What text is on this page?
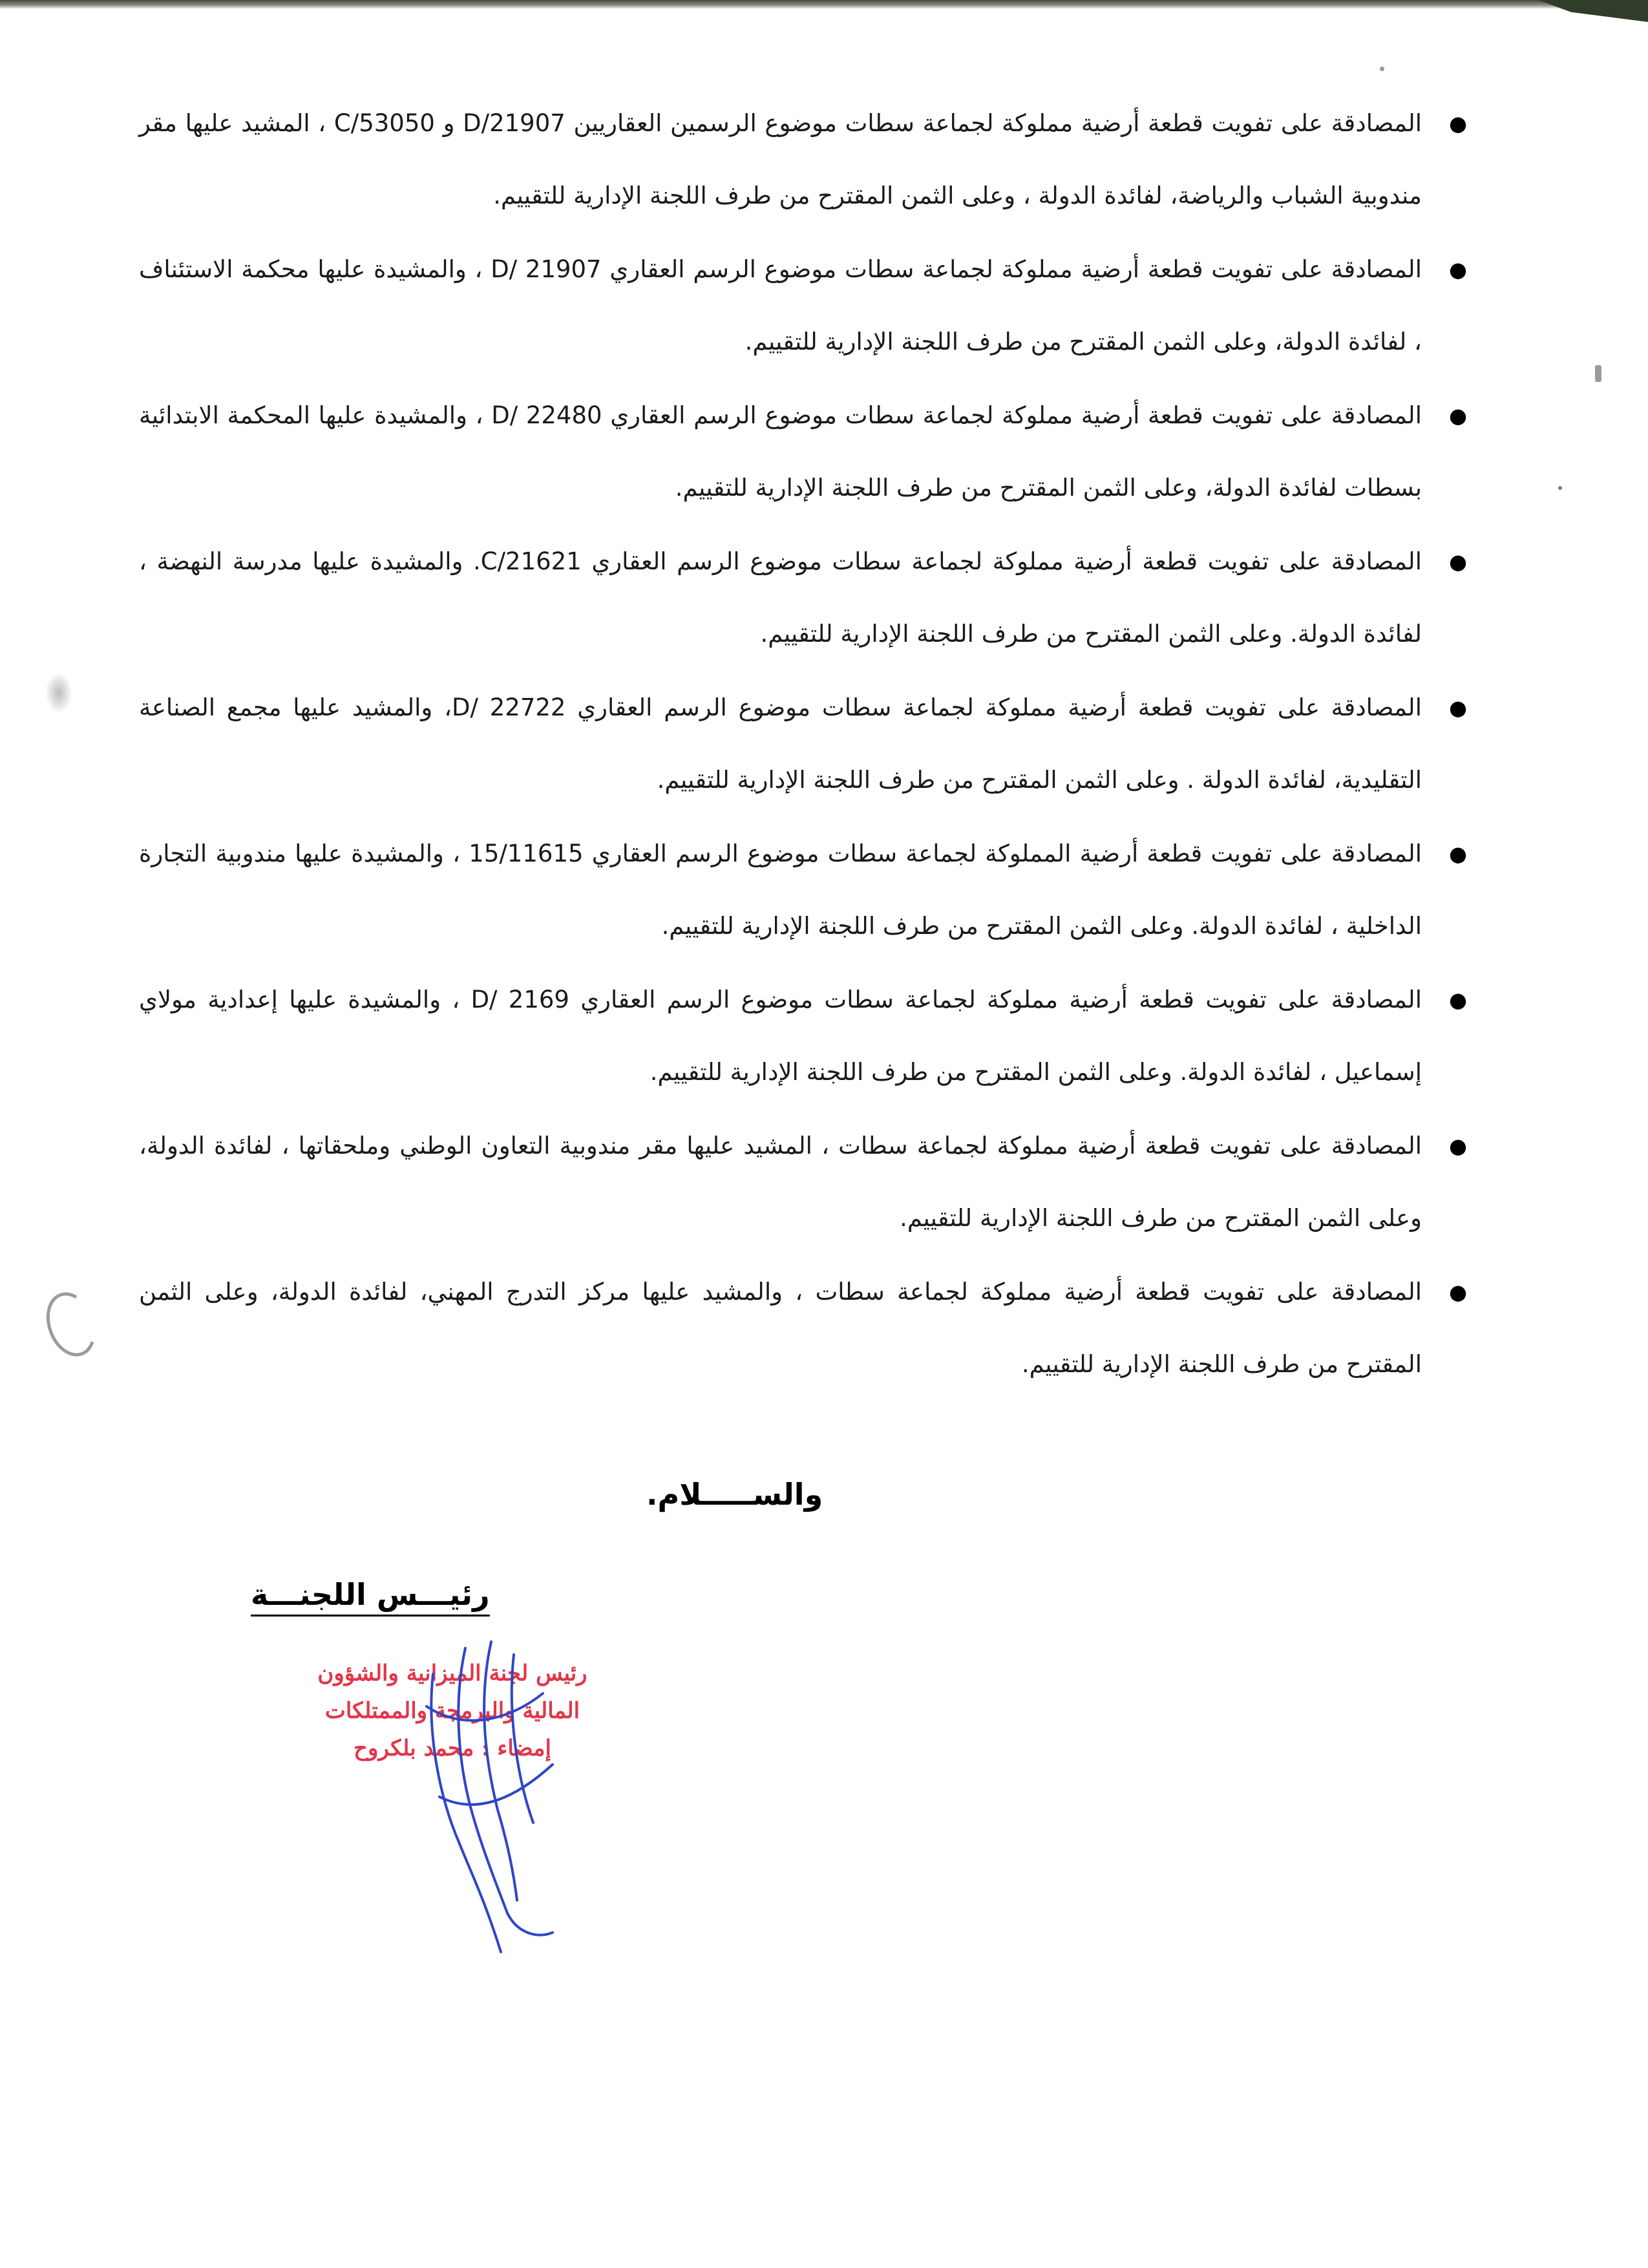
●
المصادقة على تفويت قطعة أرضية مملوكة لجماعة سطات موضوع الرسمين العقاريين D/21907 و C/53050 ، المشيد عليها مقر مندوبية الشباب والرياضة، لفائدة الدولة ، وعلى الثمن المقترح من طرف اللجنة الإدارية للتقييم.
●
المصادقة على تفويت قطعة أرضية مملوكة لجماعة سطات موضوع الرسم العقاري D/ 21907 ، والمشيدة عليها محكمة الاستئناف ، لفائدة الدولة، وعلى الثمن المقترح من طرف اللجنة الإدارية للتقييم.
●
المصادقة على تفويت قطعة أرضية مملوكة لجماعة سطات موضوع الرسم العقاري D/ 22480 ، والمشيدة عليها المحكمة الابتدائية بسطات لفائدة الدولة، وعلى الثمن المقترح من طرف اللجنة الإدارية للتقييم.
●
المصادقة على تفويت قطعة أرضية مملوكة لجماعة سطات موضوع الرسم العقاري C/21621. والمشيدة عليها مدرسة النهضة ، لفائدة الدولة. وعلى الثمن المقترح من طرف اللجنة الإدارية للتقييم.
●
المصادقة على تفويت قطعة أرضية مملوكة لجماعة سطات موضوع الرسم العقاري D/ 22722، والمشيد عليها مجمع الصناعة التقليدية، لفائدة الدولة . وعلى الثمن المقترح من طرف اللجنة الإدارية للتقييم.
●
المصادقة على تفويت قطعة أرضية المملوكة لجماعة سطات موضوع الرسم العقاري 15/11615 ، والمشيدة عليها مندوبية التجارة الداخلية ، لفائدة الدولة. وعلى الثمن المقترح من طرف اللجنة الإدارية للتقييم.
●
المصادقة على تفويت قطعة أرضية مملوكة لجماعة سطات موضوع الرسم العقاري D/ 2169 ، والمشيدة عليها إعدادية مولاي إسماعيل ، لفائدة الدولة. وعلى الثمن المقترح من طرف اللجنة الإدارية للتقييم.
●
المصادقة على تفويت قطعة أرضية مملوكة لجماعة سطات ، المشيد عليها مقر مندوبية التعاون الوطني وملحقاتها ، لفائدة الدولة، وعلى الثمن المقترح من طرف اللجنة الإدارية للتقييم.
●
المصادقة على تفويت قطعة أرضية مملوكة لجماعة سطات ، والمشيد عليها مركز التدرج المهني، لفائدة الدولة، وعلى الثمن المقترح من طرف اللجنة الإدارية للتقييم.
والســـــلام.
رئيـــس اللجنـــة
رئيس لجنة الميزانية والشؤون
المالية والبرمجة والممتلكات
إمضاء : محمد بلكروح
